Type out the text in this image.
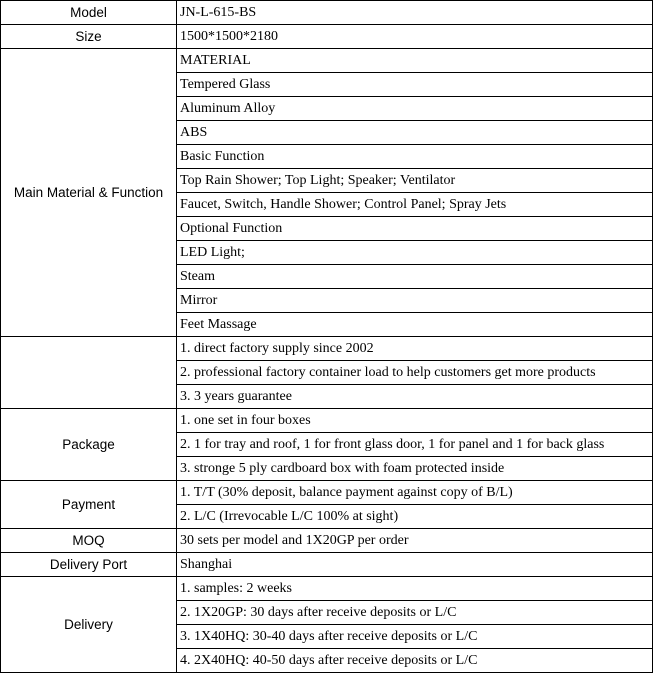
Model	JN-L-615-BS
Size	1500*1500*2180
Main Material & Function	MATERIAL
	Tempered Glass
	Aluminum Alloy
	ABS
	Basic Function
	Top Rain Shower; Top Light; Speaker; Ventilator
	Faucet, Switch, Handle Shower; Control Panel; Spray Jets
	Optional Function
	LED Light;
	Steam
	Mirror
	Feet Massage
	1. direct factory supply since 2002
	2. professional factory container load to help customers get more products
	3. 3 years guarantee
Package	1. one set in four boxes
	2. 1 for tray and roof, 1 for front glass door, 1 for panel and 1 for back glass
	3. stronge 5 ply cardboard box with foam protected inside
Payment	1. T/T (30% deposit, balance payment against copy of B/L)
	2. L/C (Irrevocable L/C 100% at sight)
MOQ	30 sets per model and 1X20GP per order
Delivery Port	Shanghai
Delivery	1. samples: 2 weeks
	2. 1X20GP: 30 days after receive deposits or L/C
	3. 1X40HQ: 30-40 days after receive deposits or L/C
	4. 2X40HQ: 40-50 days after receive deposits or L/C
